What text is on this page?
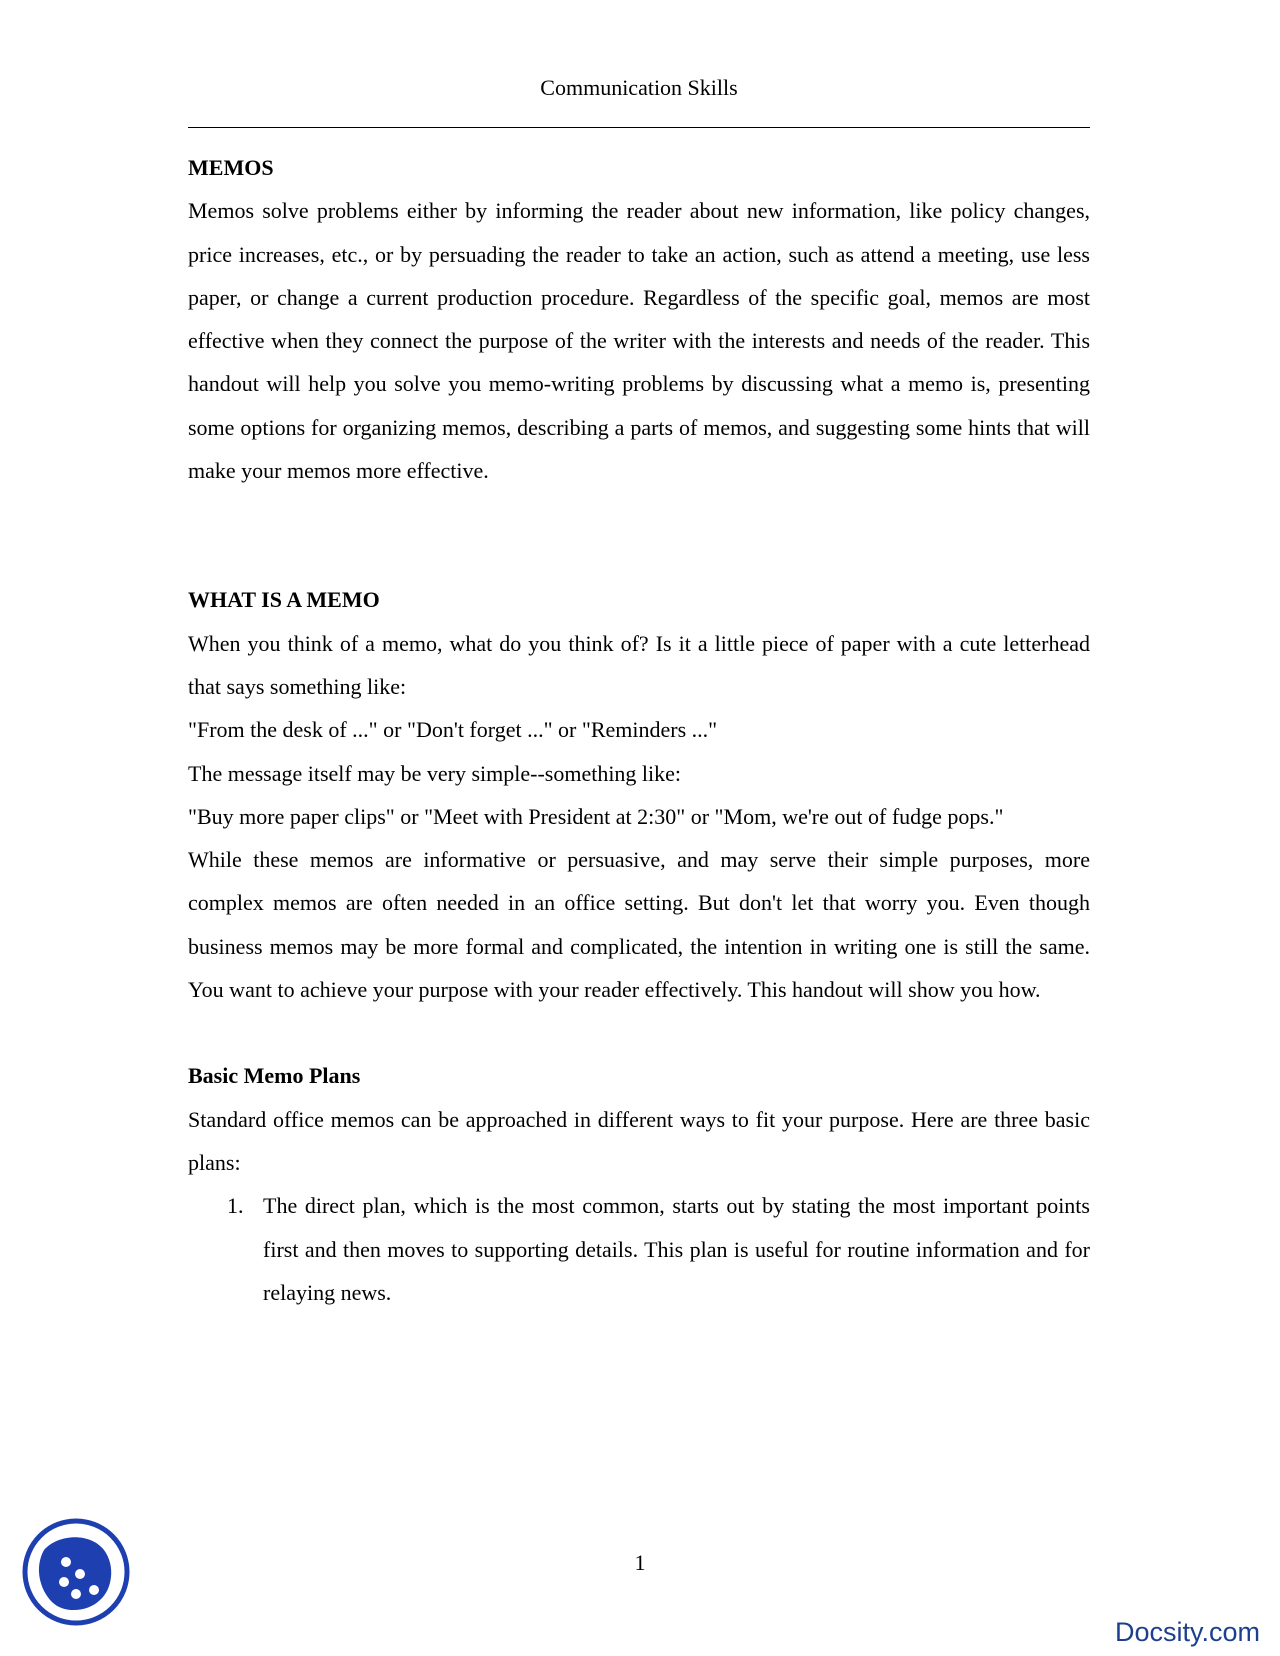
Communication Skills
MEMOS

Memos solve problems either by informing the reader about new information, like policy changes, price increases, etc., or by persuading the reader to take an action, such as attend a meeting, use less paper, or change a current production procedure. Regardless of the specific goal, memos are most effective when they connect the purpose of the writer with the interests and needs of the reader. This handout will help you solve you memo-writing problems by discussing what a memo is, presenting some options for organizing memos, describing a parts of memos, and suggesting some hints that will make your memos more effective.

WHAT IS A MEMO

When you think of a memo, what do you think of? Is it a little piece of paper with a cute letterhead that says something like:

"From the desk of ..." or "Don't forget ..." or "Reminders ..."

The message itself may be very simple--something like:

"Buy more paper clips" or "Meet with President at 2:30" or "Mom, we're out of fudge pops."

While these memos are informative or persuasive, and may serve their simple purposes, more complex memos are often needed in an office setting. But don't let that worry you. Even though business memos may be more formal and complicated, the intention in writing one is still the same. You want to achieve your purpose with your reader effectively. This handout will show you how.

Basic Memo Plans

Standard office memos can be approached in different ways to fit your purpose. Here are three basic plans:

1. The direct plan, which is the most common, starts out by stating the most important points first and then moves to supporting details. This plan is useful for routine information and for relaying news.
1
Docsity.com
